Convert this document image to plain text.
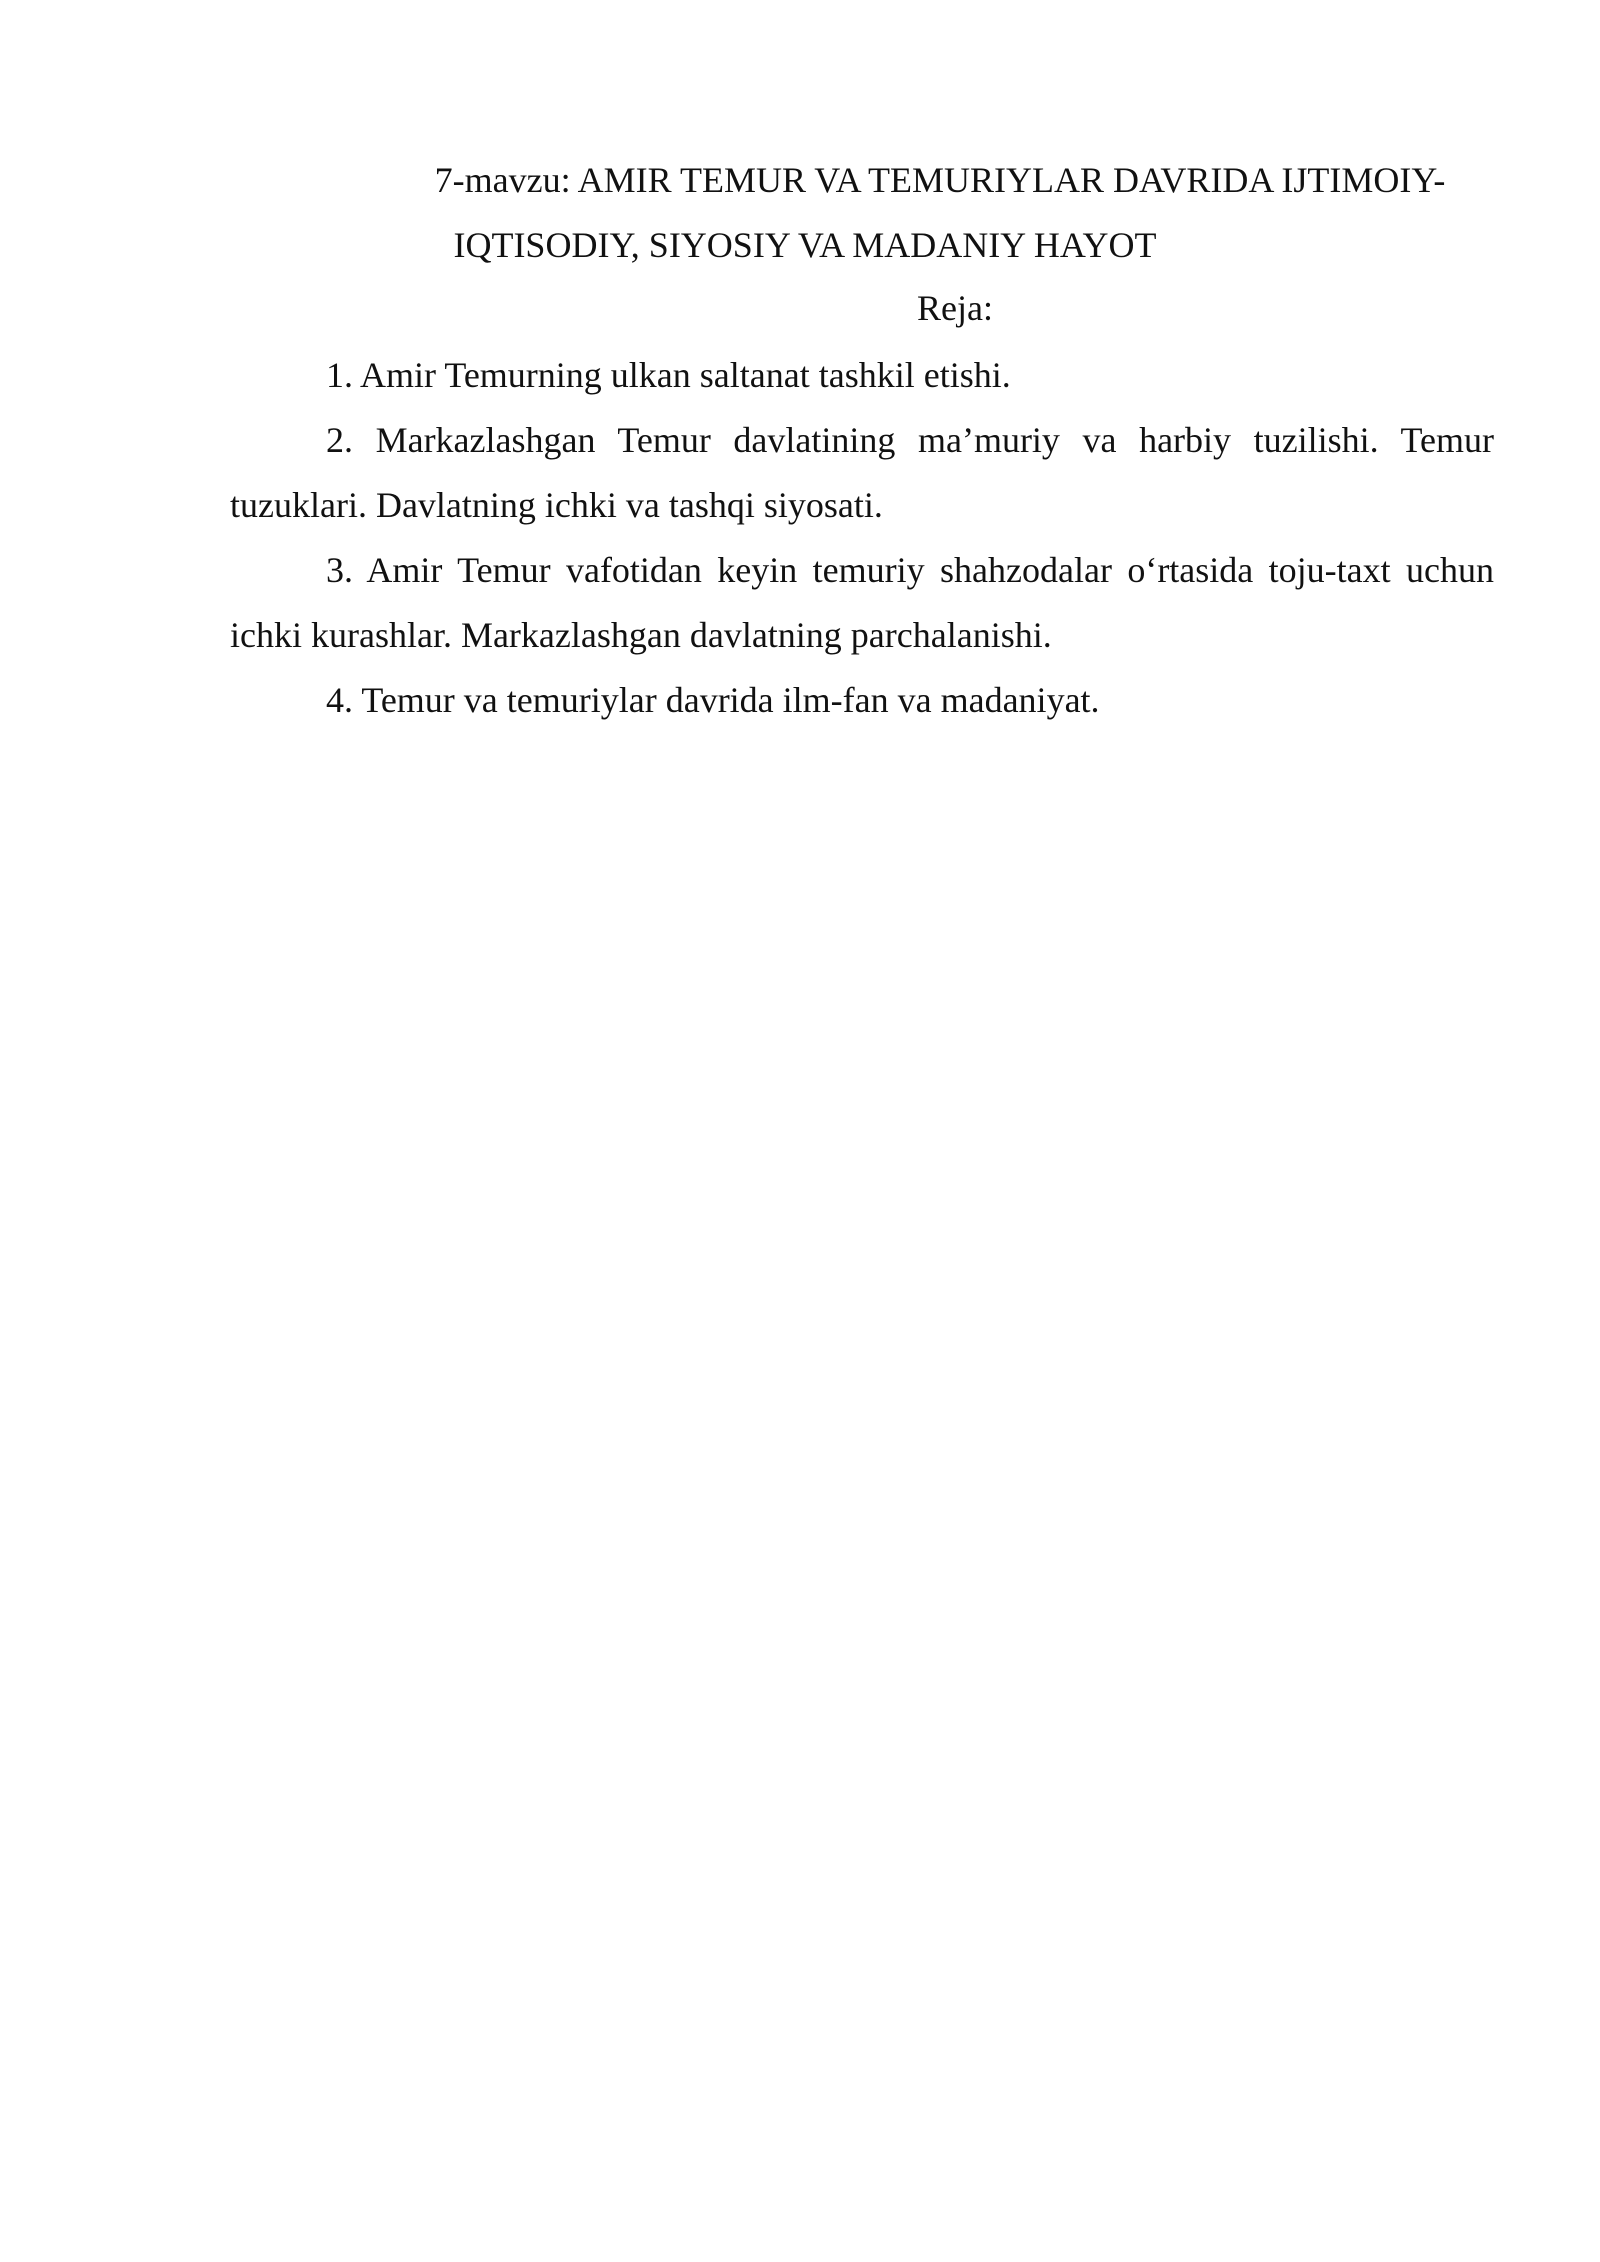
7-mavzu: AMIR TEMUR VA TEMURIYLAR DAVRIDA IJTIMOIY-
IQTISODIY, SIYOSIY VA MADANIY HAYOT
Reja:

1. Amir Temurning ulkan saltanat tashkil etishi.

2. Markazlashgan Temur davlatining ma’muriy va harbiy tuzilishi. Temur tuzuklari. Davlatning ichki va tashqi siyosati.

3. Amir Temur vafotidan keyin temuriy shahzodalar o‘rtasida toju-taxt uchun ichki kurashlar. Markazlashgan davlatning parchalanishi.

4. Temur va temuriylar davrida ilm-fan va madaniyat.
